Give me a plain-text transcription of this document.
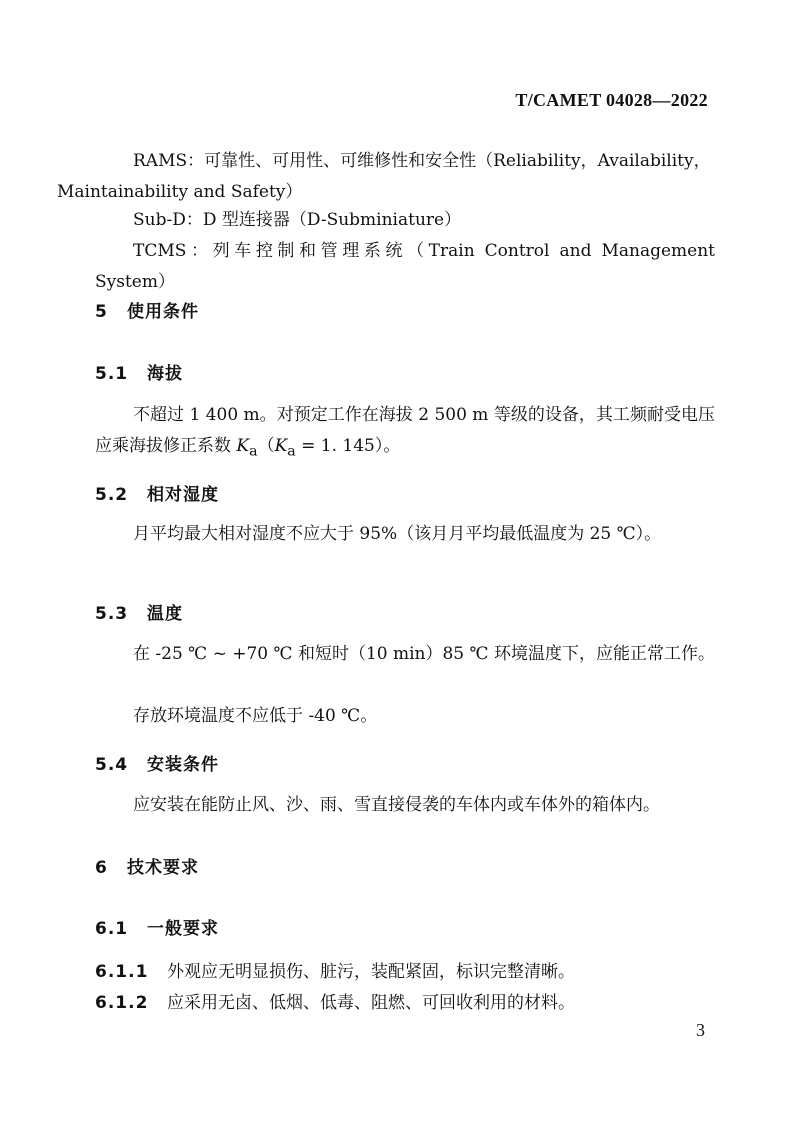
T/CAMET 04028—2022
RAMS：可靠性、可用性、可维修性和安全性（Reliability，Availability，
Maintainability and Safety）
Sub-D：D 型连接器（D-Subminiature）
TCMS：列车控制和管理系统（Train Control and Management System）
5 使用条件
5.1 海拔
不超过 1 400 m。对预定工作在海拔 2 500 m 等级的设备，其工频耐受电压应乘海拔修正系数 $K_a(K_a = 1$. 145）。
5.2 相对湿度
月平均最大相对湿度不应大于 95%（该月月平均最低温度为 25 ℃）。
5.3 温度
在 -25 ℃ ~ +70 ℃ 和短时（10 min）85 ℃ 环境温度下，应能正常工作。
存放环境温度不应低于 -40 ℃。
5.4 安装条件
应安装在能防止风、沙、雨、雪直接侵袭的车体内或车体外的箱体内。
6 技术要求
6.1 一般要求
6.1.1 外观应无明显损伤、脏污，装配紧固，标识完整清晰。
6.1.2 应采用无卤、低烟、低毒、阻燃、可回收利用的材料。
3
